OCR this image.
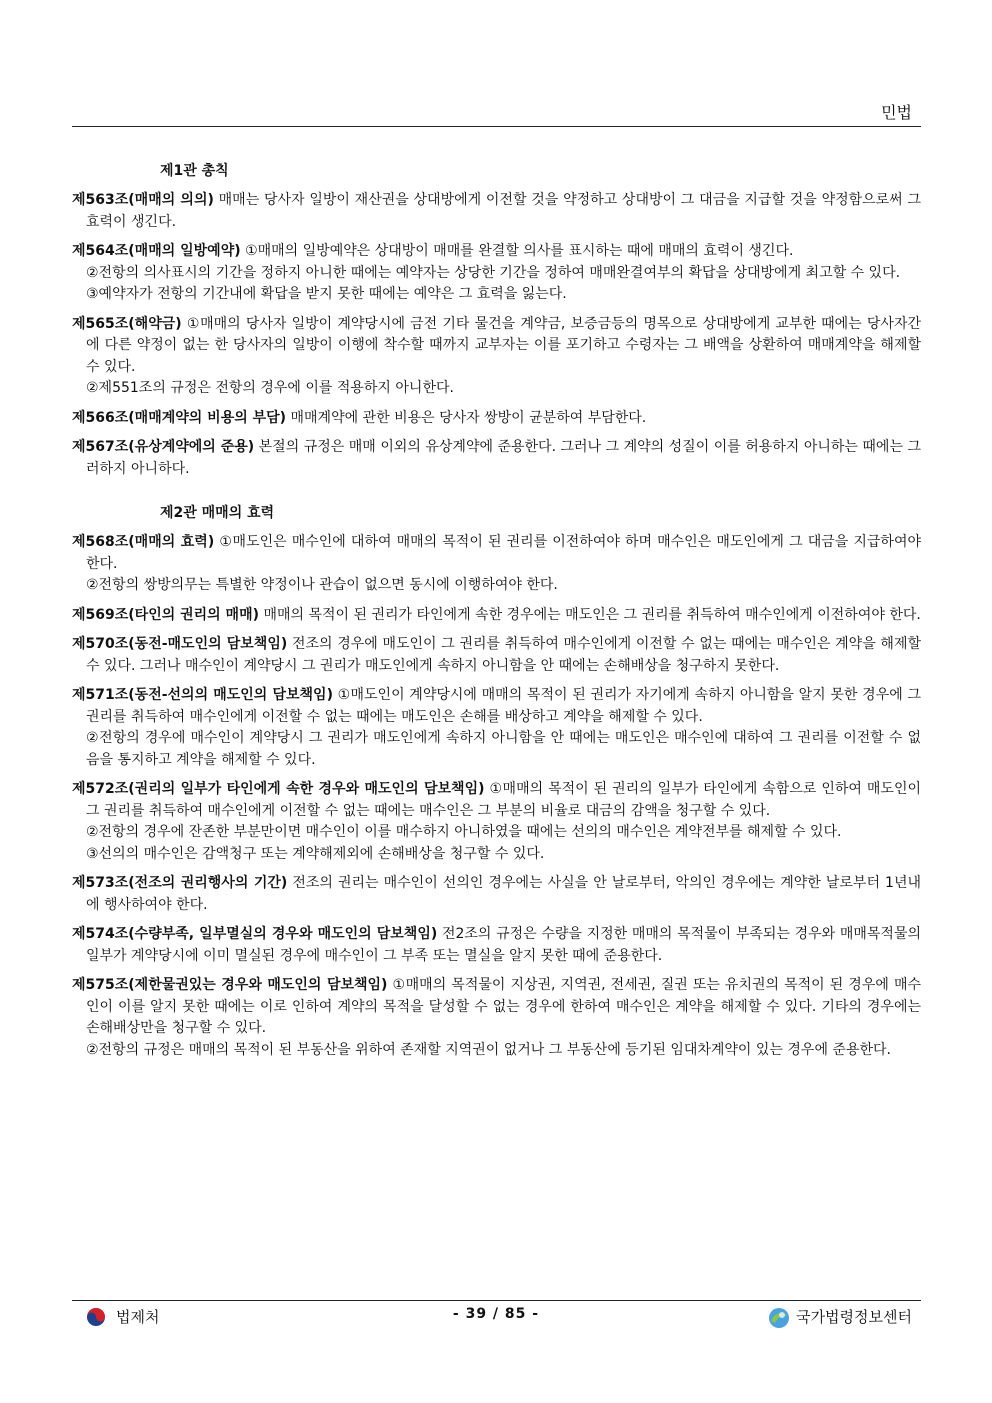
민법
제1관 총칙

제563조(매매의 의의) 매매는 당사자 일방이 재산권을 상대방에게 이전할 것을 약정하고 상대방이 그 대금을 지급할 것을 약정함으로써 그 효력이 생긴다.

제564조(매매의 일방예약) ①매매의 일방예약은 상대방이 매매를 완결할 의사를 표시하는 때에 매매의 효력이 생긴다.

②전항의 의사표시의 기간을 정하지 아니한 때에는 예약자는 상당한 기간을 정하여 매매완결여부의 확답을 상대방에게 최고할 수 있다.

③예약자가 전항의 기간내에 확답을 받지 못한 때에는 예약은 그 효력을 잃는다.

제565조(해약금) ①매매의 당사자 일방이 계약당시에 금전 기타 물건을 계약금, 보증금등의 명목으로 상대방에게 교부한 때에는 당사자간에 다른 약정이 없는 한 당사자의 일방이 이행에 착수할 때까지 교부자는 이를 포기하고 수령자는 그 배액을 상환하여 매매계약을 해제할 수 있다.

②제551조의 규정은 전항의 경우에 이를 적용하지 아니한다.

제566조(매매계약의 비용의 부담) 매매계약에 관한 비용은 당사자 쌍방이 균분하여 부담한다.

제567조(유상계약에의 준용) 본절의 규정은 매매 이외의 유상계약에 준용한다. 그러나 그 계약의 성질이 이를 허용하지 아니하는 때에는 그러하지 아니하다.

제2관 매매의 효력

제568조(매매의 효력) ①매도인은 매수인에 대하여 매매의 목적이 된 권리를 이전하여야 하며 매수인은 매도인에게 그 대금을 지급하여야 한다.

②전항의 쌍방의무는 특별한 약정이나 관습이 없으면 동시에 이행하여야 한다.

제569조(타인의 권리의 매매) 매매의 목적이 된 권리가 타인에게 속한 경우에는 매도인은 그 권리를 취득하여 매수인에게 이전하여야 한다.

제570조(동전-매도인의 담보책임) 전조의 경우에 매도인이 그 권리를 취득하여 매수인에게 이전할 수 없는 때에는 매수인은 계약을 해제할 수 있다. 그러나 매수인이 계약당시 그 권리가 매도인에게 속하지 아니함을 안 때에는 손해배상을 청구하지 못한다.

제571조(동전-선의의 매도인의 담보책임) ①매도인이 계약당시에 매매의 목적이 된 권리가 자기에게 속하지 아니함을 알지 못한 경우에 그 권리를 취득하여 매수인에게 이전할 수 없는 때에는 매도인은 손해를 배상하고 계약을 해제할 수 있다.

②전항의 경우에 매수인이 계약당시 그 권리가 매도인에게 속하지 아니함을 안 때에는 매도인은 매수인에 대하여 그 권리를 이전할 수 없음을 통지하고 계약을 해제할 수 있다.

제572조(권리의 일부가 타인에게 속한 경우와 매도인의 담보책임) ①매매의 목적이 된 권리의 일부가 타인에게 속함으로 인하여 매도인이 그 권리를 취득하여 매수인에게 이전할 수 없는 때에는 매수인은 그 부분의 비율로 대금의 감액을 청구할 수 있다.

②전항의 경우에 잔존한 부분만이면 매수인이 이를 매수하지 아니하였을 때에는 선의의 매수인은 계약전부를 해제할 수 있다.

③선의의 매수인은 감액청구 또는 계약해제외에 손해배상을 청구할 수 있다.

제573조(전조의 권리행사의 기간) 전조의 권리는 매수인이 선의인 경우에는 사실을 안 날로부터, 악의인 경우에는 계약한 날로부터 1년내에 행사하여야 한다.

제574조(수량부족, 일부멸실의 경우와 매도인의 담보책임) 전2조의 규정은 수량을 지정한 매매의 목적물이 부족되는 경우와 매매목적물의 일부가 계약당시에 이미 멸실된 경우에 매수인이 그 부족 또는 멸실을 알지 못한 때에 준용한다.

제575조(제한물권있는 경우와 매도인의 담보책임) ①매매의 목적물이 지상권, 지역권, 전세권, 질권 또는 유치권의 목적이 된 경우에 매수인이 이를 알지 못한 때에는 이로 인하여 계약의 목적을 달성할 수 없는 경우에 한하여 매수인은 계약을 해제할 수 있다. 기타의 경우에는 손해배상만을 청구할 수 있다.

②전항의 규정은 매매의 목적이 된 부동산을 위하여 존재할 지역권이 없거나 그 부동산에 등기된 임대차계약이 있는 경우에 준용한다.

법제처	- 39 / 85 -	국가법령정보센터
